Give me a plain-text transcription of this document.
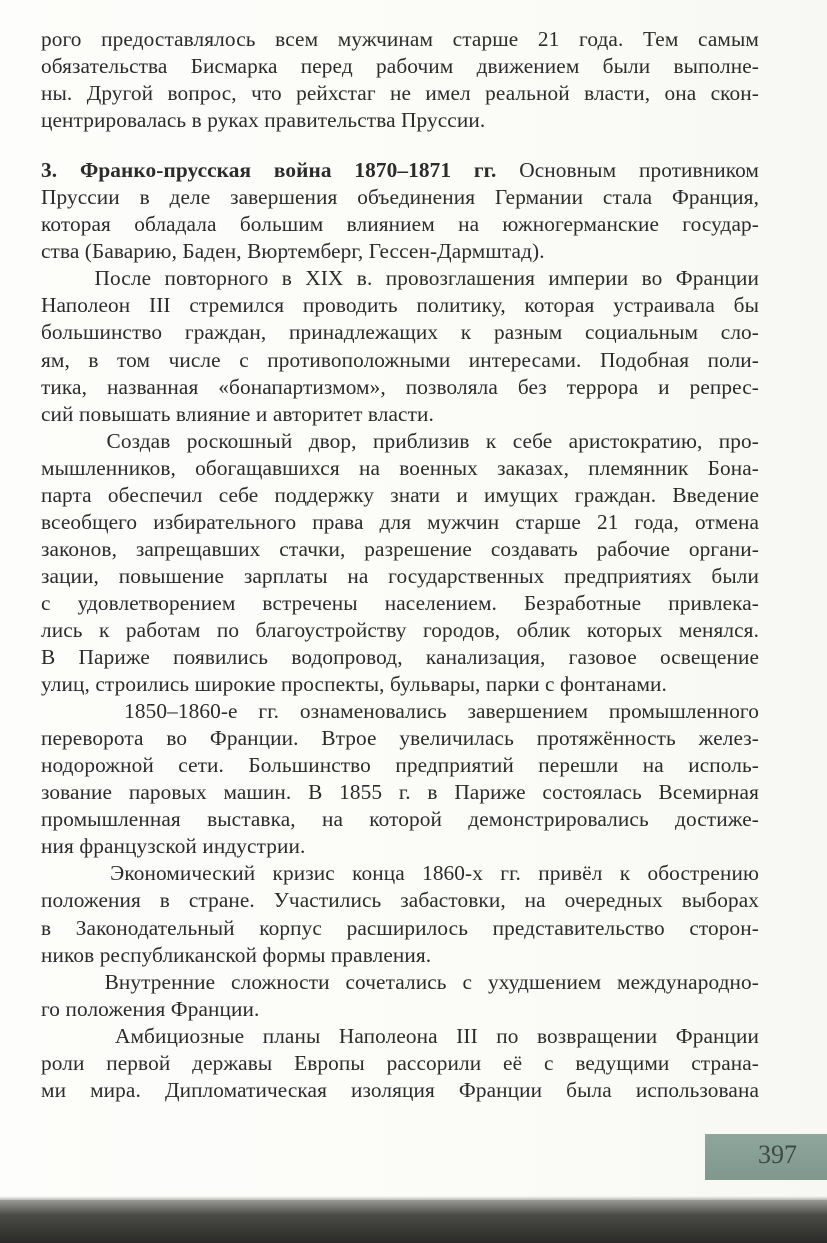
рого предоставлялось всем мужчинам старше 21 года. Тем самым
обязательства Бисмарка перед рабочим движением были выполне-
ны. Другой вопрос, что рейхстаг не имел реальной власти, она скон-
центрировалась в руках правительства Пруссии.
3. Франко-прусская война 1870–1871 гг. Основным противником
Пруссии в деле завершения объединения Германии стала Франция,
которая обладала большим влиянием на южногерманские государ-
ства (Баварию, Баден, Вюртемберг, Гессен-Дармштад).
После повторного в XIX в. провозглашения империи во Франции
Наполеон III стремился проводить политику, которая устраивала бы
большинство граждан, принадлежащих к разным социальным сло-
ям, в том числе с противоположными интересами. Подобная поли-
тика, названная «бонапартизмом», позволяла без террора и репрес-
сий повышать влияние и авторитет власти.
Создав роскошный двор, приблизив к себе аристократию, про-
мышленников, обогащавшихся на военных заказах, племянник Бона-
парта обеспечил себе поддержку знати и имущих граждан. Введение
всеобщего избирательного права для мужчин старше 21 года, отмена
законов, запрещавших стачки, разрешение создавать рабочие органи-
зации, повышение зарплаты на государственных предприятиях были
с удовлетворением встречены населением. Безработные привлека-
лись к работам по благоустройству городов, облик которых менялся.
В Париже появились водопровод, канализация, газовое освещение
улиц, строились широкие проспекты, бульвары, парки с фонтанами.
1850–1860-е гг. ознаменовались завершением промышленного
переворота во Франции. Втрое увеличилась протяжённость желез-
нодорожной сети. Большинство предприятий перешли на исполь-
зование паровых машин. В 1855 г. в Париже состоялась Всемирная
промышленная выставка, на которой демонстрировались достиже-
ния французской индустрии.
Экономический кризис конца 1860-х гг. привёл к обострению
положения в стране. Участились забастовки, на очередных выборах
в Законодательный корпус расширилось представительство сторон-
ников республиканской формы правления.
Внутренние сложности сочетались с ухудшением международно-
го положения Франции.
Амбициозные планы Наполеона III по возвращении Франции
роли первой державы Европы рассорили её с ведущими страна-
ми мира. Дипломатическая изоляция Франции была использована
397
